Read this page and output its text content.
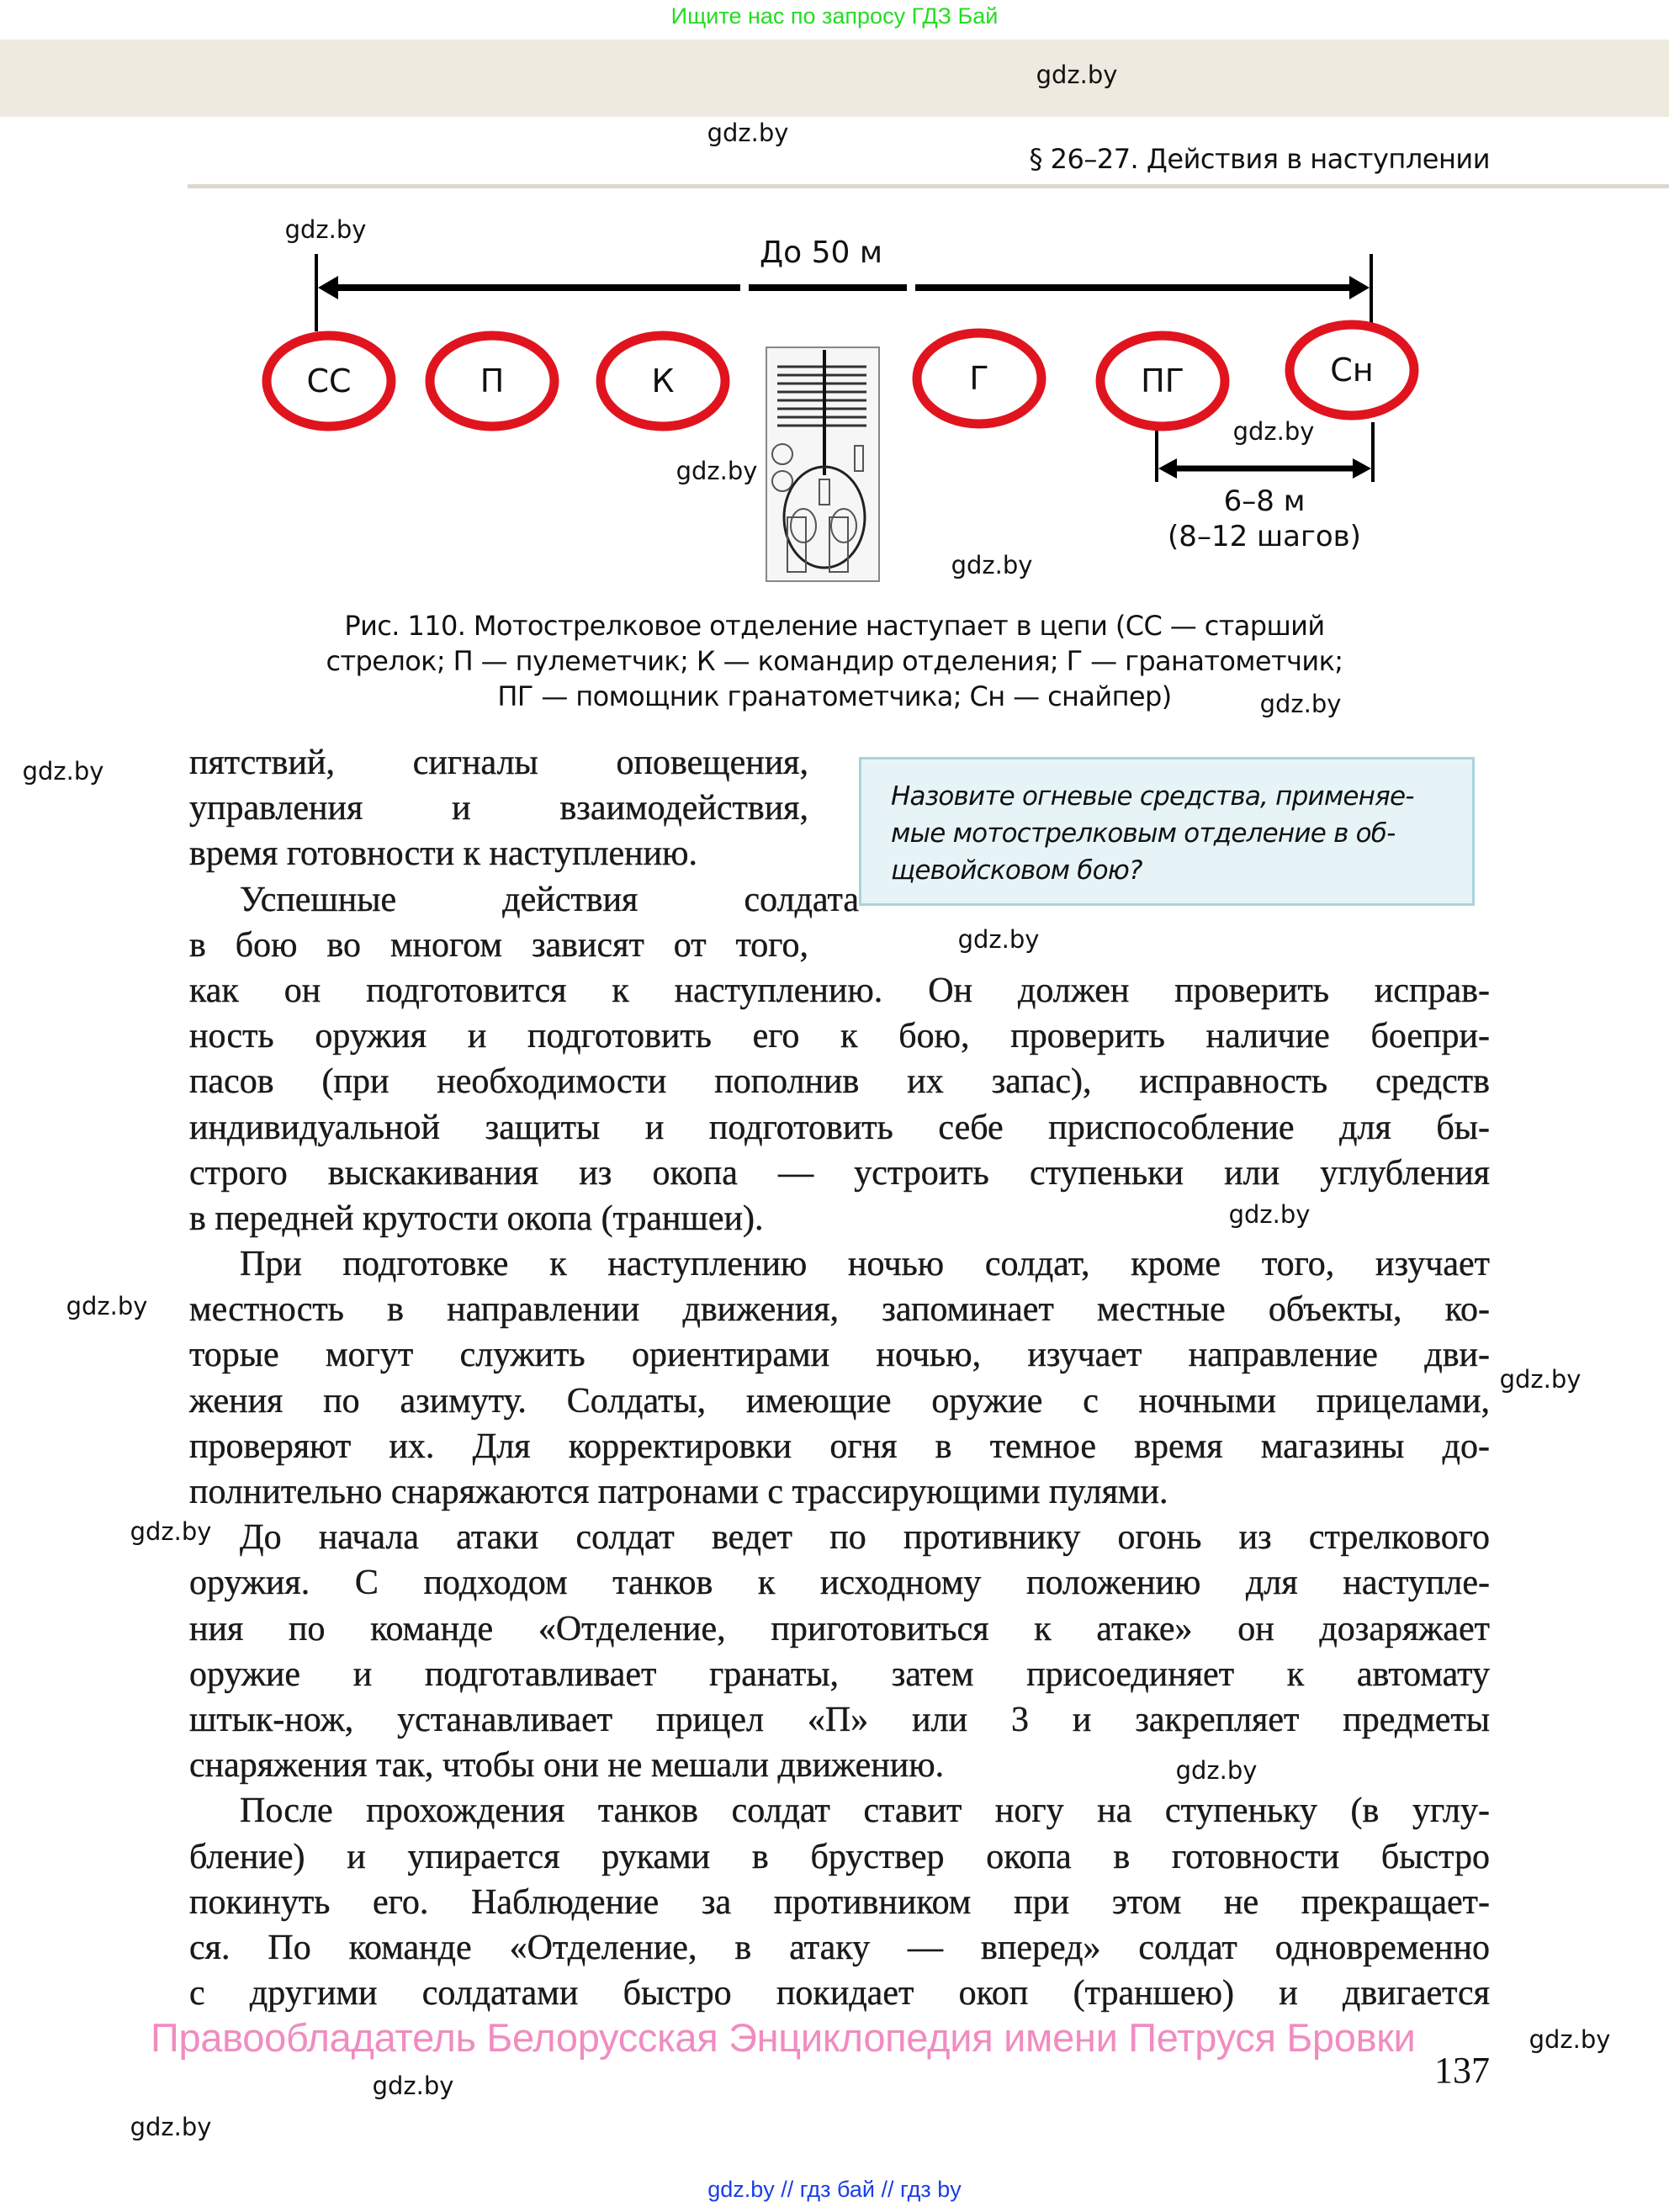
Ищите нас по запросу ГДЗ Бай
§ 26–27. Действия в наступлении
До 50 м
СС	П	К	Г	ПГ	Сн
6–8 м
(8–12 шагов)
Рис. 110. Мотострелковое отделение наступает в цепи (СС — старший
стрелок; П — пулеметчик; К — командир отделения; Г — гранатометчик;
ПГ — помощник гранатометчика; Сн — снайпер)
Назовите огневые средства, применяе-
мые мотострелковым отделение в об-
щевойсковом бою?
пятствий, сигналы оповещения,
управления и взаимодействия,
время готовности к наступлению.
Успешные действия солдата
в бою во многом зависят от того,
как он подготовится к наступлению. Он должен проверить исправ-
ность оружия и подготовить его к бою, проверить наличие боепри-
пасов (при необходимости пополнив их запас), исправность средств
индивидуальной защиты и подготовить себе приспособление для бы-
строго выскакивания из окопа — устроить ступеньки или углубления
в передней крутости окопа (траншеи).
При подготовке к наступлению ночью солдат, кроме того, изучает
местность в направлении движения, запоминает местные объекты, ко-
торые могут служить ориентирами ночью, изучает направление дви-
жения по азимуту. Солдаты, имеющие оружие с ночными прицелами,
проверяют их. Для корректировки огня в темное время магазины до-
полнительно снаряжаются патронами с трассирующими пулями.
До начала атаки солдат ведет по противнику огонь из стрелкового
оружия. С подходом танков к исходному положению для наступле-
ния по команде «Отделение, приготовиться к атаке» он дозаряжает
оружие и подготавливает гранаты, затем присоединяет к автомату
штык-нож, устанавливает прицел «П» или 3 и закрепляет предметы
снаряжения так, чтобы они не мешали движению.
После прохождения танков солдат ставит ногу на ступеньку (в углу-
бление) и упирается руками в бруствер окопа в готовности быстро
покинуть его. Наблюдение за противником при этом не прекращает-
ся. По команде «Отделение, в атаку — вперед» солдат одновременно
с другими солдатами быстро покидает окоп (траншею) и двигается
Правообладатель Белорусская Энциклопедия имени Петруся Бровки
137
gdz.by // гдз бай // гдз by
gdz.by
gdz.by
gdz.by
gdz.by
gdz.by
gdz.by
gdz.by
gdz.by
gdz.by
gdz.by
gdz.by
gdz.by
gdz.by
gdz.by
gdz.by
gdz.by
gdz.by
